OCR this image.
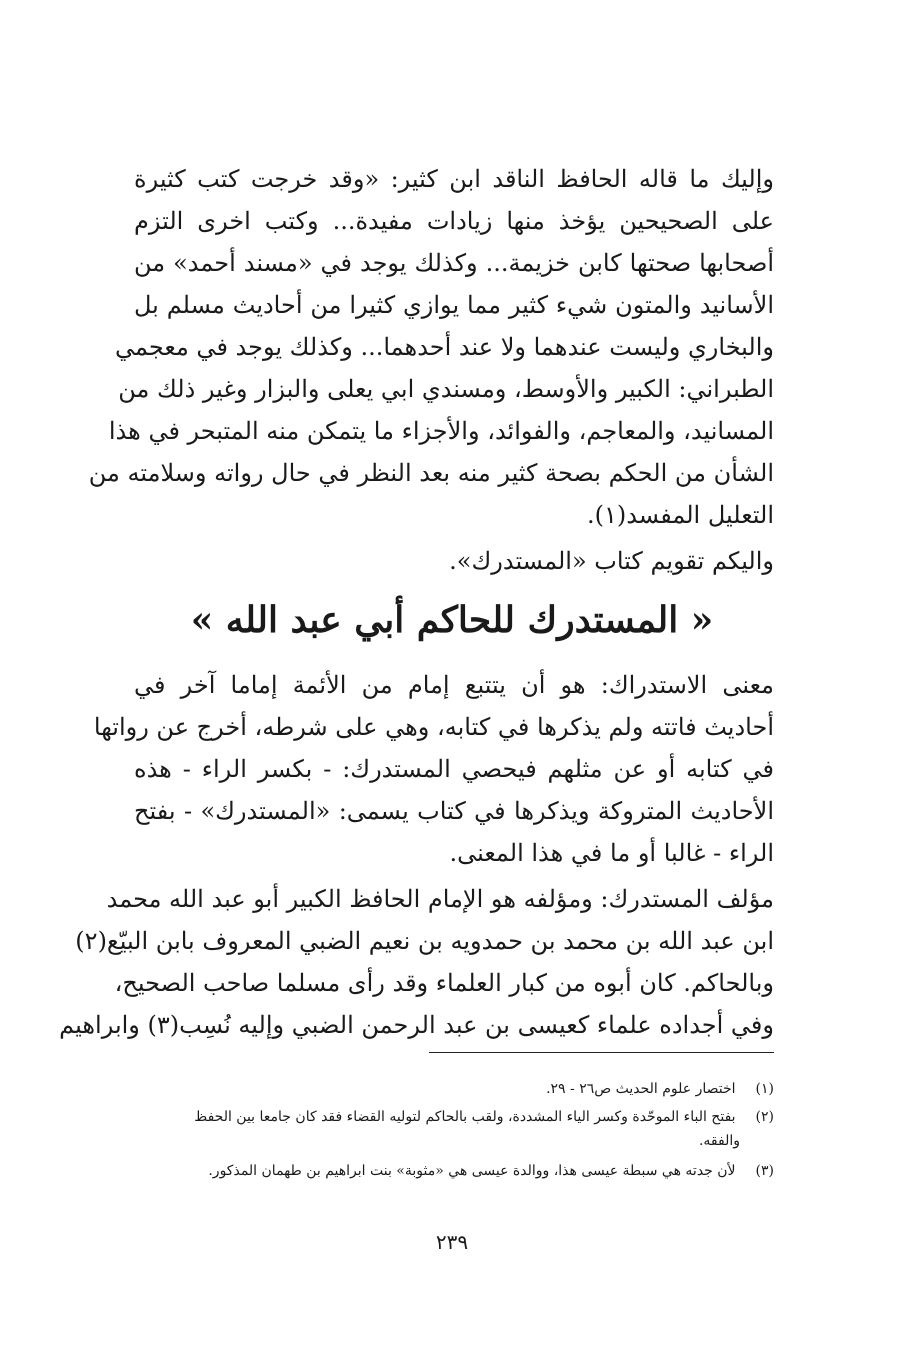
وإليك ما قاله الحافظ الناقد ابن كثير: «وقد خرجت كتب كثيرة
على الصحيحين يؤخذ منها زيادات مفيدة... وكتب اخرى التزم
أصحابها صحتها كابن خزيمة... وكذلك يوجد في «مسند أحمد» من
الأسانيد والمتون شيء كثير مما يوازي كثيرا من أحاديث مسلم بل
والبخاري وليست عندهما ولا عند أحدهما... وكذلك يوجد في معجمي
الطبراني: الكبير والأوسط، ومسندي ابي يعلى والبزار وغير ذلك من
المسانيد، والمعاجم، والفوائد، والأجزاء ما يتمكن منه المتبحر في هذا
الشأن من الحكم بصحة كثير منه بعد النظر في حال رواته وسلامته من
التعليل المفسد(١).
واليكم تقويم كتاب «المستدرك».
« المستدرك للحاكم أبي عبد الله »
معنى الاستدراك: هو أن يتتبع إمام من الأئمة إماما آخر في
أحاديث فاتته ولم يذكرها في كتابه، وهي على شرطه، أخرج عن رواتها
في كتابه أو عن مثلهم فيحصي المستدرك: - بكسر الراء - هذه
الأحاديث المتروكة ويذكرها في كتاب يسمى: «المستدرك» - بفتح
الراء - غالبا أو ما في هذا المعنى.
مؤلف المستدرك: ومؤلفه هو الإمام الحافظ الكبير أبو عبد الله محمد
ابن عبد الله بن محمد بن حمدويه بن نعيم الضبي المعروف بابن البيّع(٢)
وبالحاكم. كان أبوه من كبار العلماء وقد رأى مسلما صاحب الصحيح،
وفي أجداده علماء كعيسى بن عبد الرحمن الضبي وإليه نُسِب(٣) وابراهيم
(١) اختصار علوم الحديث ص٢٦ - ٢٩.
(٢) بفتح الباء الموحّدة وكسر الياء المشددة، ولقب بالحاكم لتوليه القضاء فقد كان جامعا بين الحفظ
والفقه.
(٣) لأن جدته هي سبطة عيسى هذا، ووالدة عيسى هي «مثوبة» بنت ابراهيم بن طهمان المذكور.
٢٣٩
